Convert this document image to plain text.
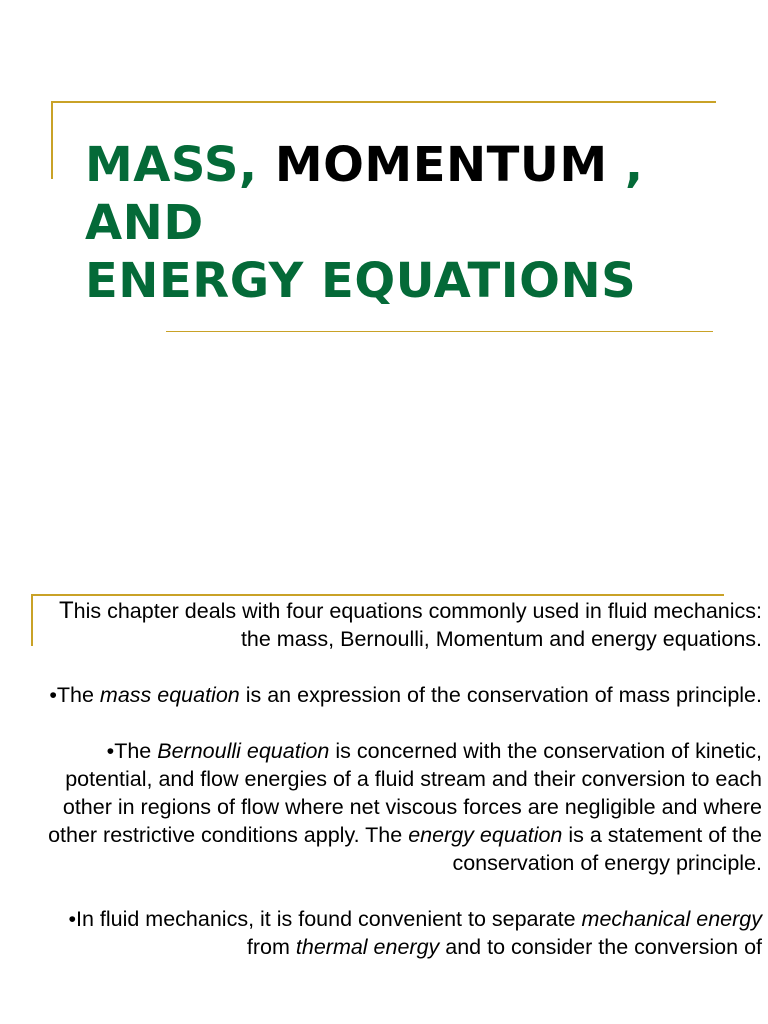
MASS, MOMENTUM ,
AND
ENERGY EQUATIONS

This chapter deals with four equations commonly used in fluid mechanics: the mass, Bernoulli, Momentum and energy equations.

•The mass equation is an expression of the conservation of mass principle.

•The Bernoulli equation is concerned with the conservation of kinetic, potential, and flow energies of a fluid stream and their conversion to each other in regions of flow where net viscous forces are negligible and where other restrictive conditions apply. The energy equation is a statement of the conservation of energy principle.

•In fluid mechanics, it is found convenient to separate mechanical energy from thermal energy and to consider the conversion of
